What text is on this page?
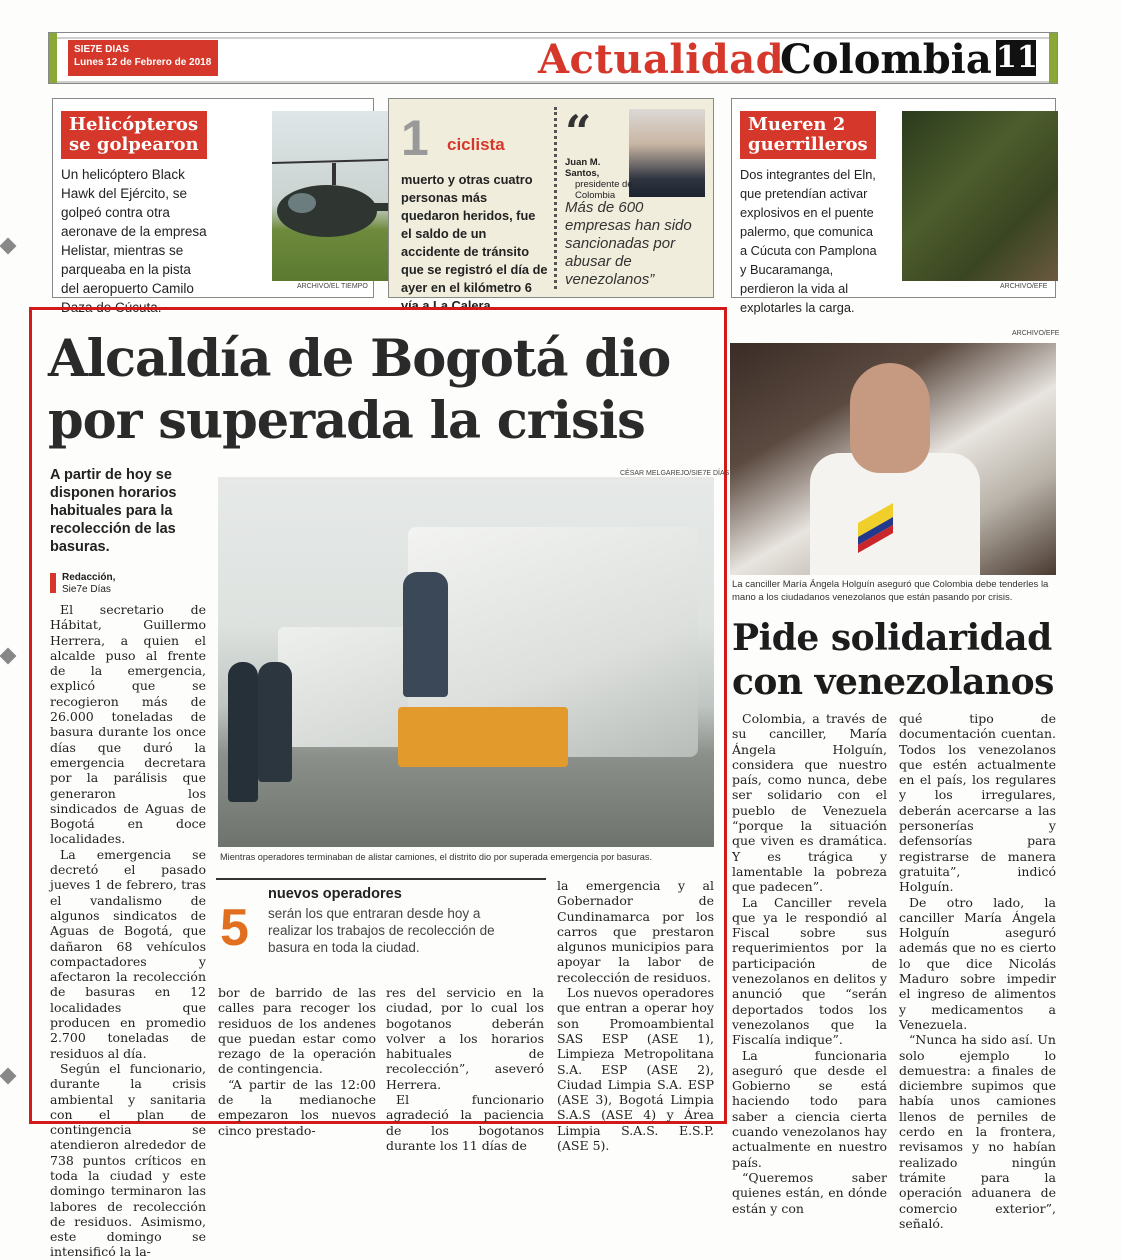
SIE7E DIAS
Lunes 12 de Febrero de 2018	Actualidad
Colombia 11
Helicópteros
se golpearon
Un helicóptero Black
Hawk del Ejército, se
golpeó contra otra
aeronave de la empresa
Helistar, mientras se
parqueaba en la pista
del aeropuerto Camilo
Daza de Cúcuta.
ARCHIVO/EL TIEMPO
1 ciclista
muerto y otras cuatro
personas más
quedaron heridos, fue
el saldo de un
accidente de tránsito
que se registró el día de
ayer en el kilómetro 6
vía a La Calera.
“
Juan M.
Santos,
presidente de
Colombia
Más de 600
empresas han sido
sancionadas por
abusar de
venezolanos”
Mueren 2
guerrilleros
Dos integrantes del Eln,
que pretendían activar
explosivos en el puente
palermo, que comunica
a Cúcuta con Pamplona
y Bucaramanga,
perdieron la vida al
explotarles la carga.
ARCHIVO/EFE
Alcaldía de Bogotá dio
por superada la crisis
A partir de hoy se
disponen horarios
habituales para la
recolección de las
basuras.
Redacción,
Sie7e Días

El secretario de Hábitat, Guillermo Herrera, a quien el alcalde puso al frente de la emergencia, explicó que se recogieron más de 26.000 toneladas de basura durante los once días que duró la emergencia decretara por la parálisis que generaron los sindicados de Aguas de Bogotá en doce localidades.

La emergencia se decretó el pasado jueves 1 de febrero, tras el vandalismo de algunos sindicatos de Aguas de Bogotá, que dañaron 68 vehículos compactadores y afectaron la recolección de basuras en 12 localidades que producen en promedio 2.700 toneladas de residuos al día.

Según el funcionario, durante la crisis ambiental y sanitaria con el plan de contingencia se atendieron alrededor de 738 puntos críticos en toda la ciudad y este domingo terminaron las labores de recolección de residuos. Asimismo, este domingo se intensificó la la-

CÉSAR MELGAREJO/SIE7E DÍAS
Mientras operadores terminaban de alistar camiones, el distrito dio por superada emergencia por basuras.
5
nuevos operadores
serán los que entraran desde hoy a
realizar los trabajos de recolección de
basura en toda la ciudad.

bor de barrido de las calles para recoger los residuos de los andenes que puedan estar como rezago de la operación de contingencia.

“A partir de las 12:00 de la medianoche empezaron los nuevos cinco prestado-

res del servicio en la ciudad, por lo cual los bogotanos deberán volver a los horarios habituales de recolección”, aseveró Herrera.

El funcionario agradeció la paciencia de los bogotanos durante los 11 días de

la emergencia y al Gobernador de Cundinamarca por los carros que prestaron algunos municipios para apoyar la labor de recolección de residuos.

Los nuevos operadores que entran a operar hoy son Promoambiental SAS ESP (ASE 1), Limpieza Metropolitana S.A. ESP (ASE 2), Ciudad Limpia S.A. ESP (ASE 3), Bogotá Limpia S.A.S (ASE 4) y Área Limpia S.A.S. E.S.P. (ASE 5).

ARCHIVO/EFE
La canciller María Ángela Holguín aseguró que Colombia debe tenderles la mano a los ciudadanos venezolanos que están pasando por crisis.
Pide solidaridad
con venezolanos

Colombia, a través de su canciller, María Ángela Holguín, considera que nuestro país, como nunca, debe ser solidario con el pueblo de Venezuela “porque la situación que viven es dramática. Y es trágica y lamentable la pobreza que padecen”.

La Canciller revela que ya le respondió al Fiscal sobre sus requerimientos por la participación de venezolanos en delitos y anunció que “serán deportados todos los venezolanos que la Fiscalía indique”.

La funcionaria aseguró que desde el Gobierno se está haciendo todo para saber a ciencia cierta cuando venezolanos hay actualmente en nuestro país.

“Queremos saber quienes están, en dónde están y con

qué tipo de documentación cuentan. Todos los venezolanos que estén actualmente en el país, los regulares y los irregulares, deberán acercarse a las personerías y defensorías para registrarse de manera gratuita”, indicó Holguín.

De otro lado, la canciller María Ángela Holguín aseguró además que no es cierto lo que dice Nicolás Maduro sobre impedir el ingreso de alimentos y medicamentos a Venezuela.

“Nunca ha sido así. Un solo ejemplo lo demuestra: a finales de diciembre supimos que había unos camiones llenos de perniles de cerdo en la frontera, revisamos y no habían realizado ningún trámite para la operación aduanera de comercio exterior”, señaló.
